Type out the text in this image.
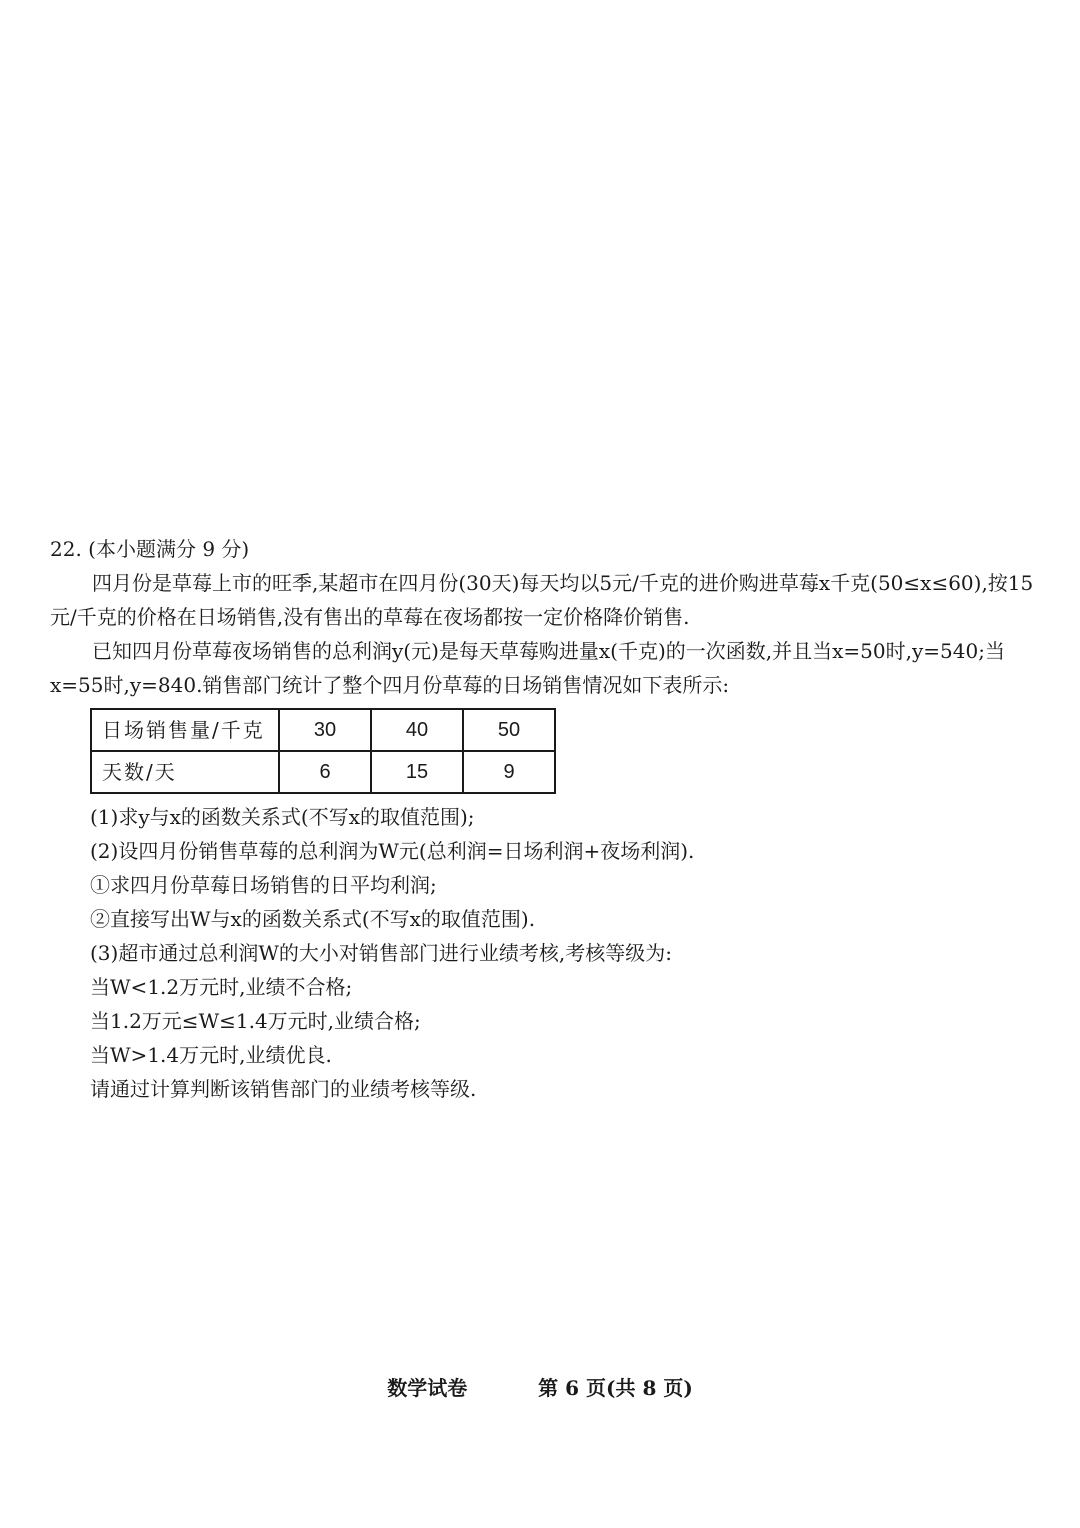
22. (本小题满分 9 分)

四月份是草莓上市的旺季,某超市在四月份(30天)每天均以5元/千克的进价购进草莓x千克(50≤x≤60),按15元/千克的价格在日场销售,没有售出的草莓在夜场都按一定价格降价销售.

已知四月份草莓夜场销售的总利润y(元)是每天草莓购进量x(千克)的一次函数,并且当x=50时,y=540;当x=55时,y=840.销售部门统计了整个四月份草莓的日场销售情况如下表所示:

日场销售量/千克	30	40	50
天数/天	6	15	9

(1)求y与x的函数关系式(不写x的取值范围);

(2)设四月份销售草莓的总利润为W元(总利润=日场利润+夜场利润).

①求四月份草莓日场销售的日平均利润;

②直接写出W与x的函数关系式(不写x的取值范围).

(3)超市通过总利润W的大小对销售部门进行业绩考核,考核等级为:

当W<1.2万元时,业绩不合格;

当1.2万元≤W≤1.4万元时,业绩合格;

当W>1.4万元时,业绩优良.

请通过计算判断该销售部门的业绩考核等级.

数学试卷	第 6 页(共 8 页)
